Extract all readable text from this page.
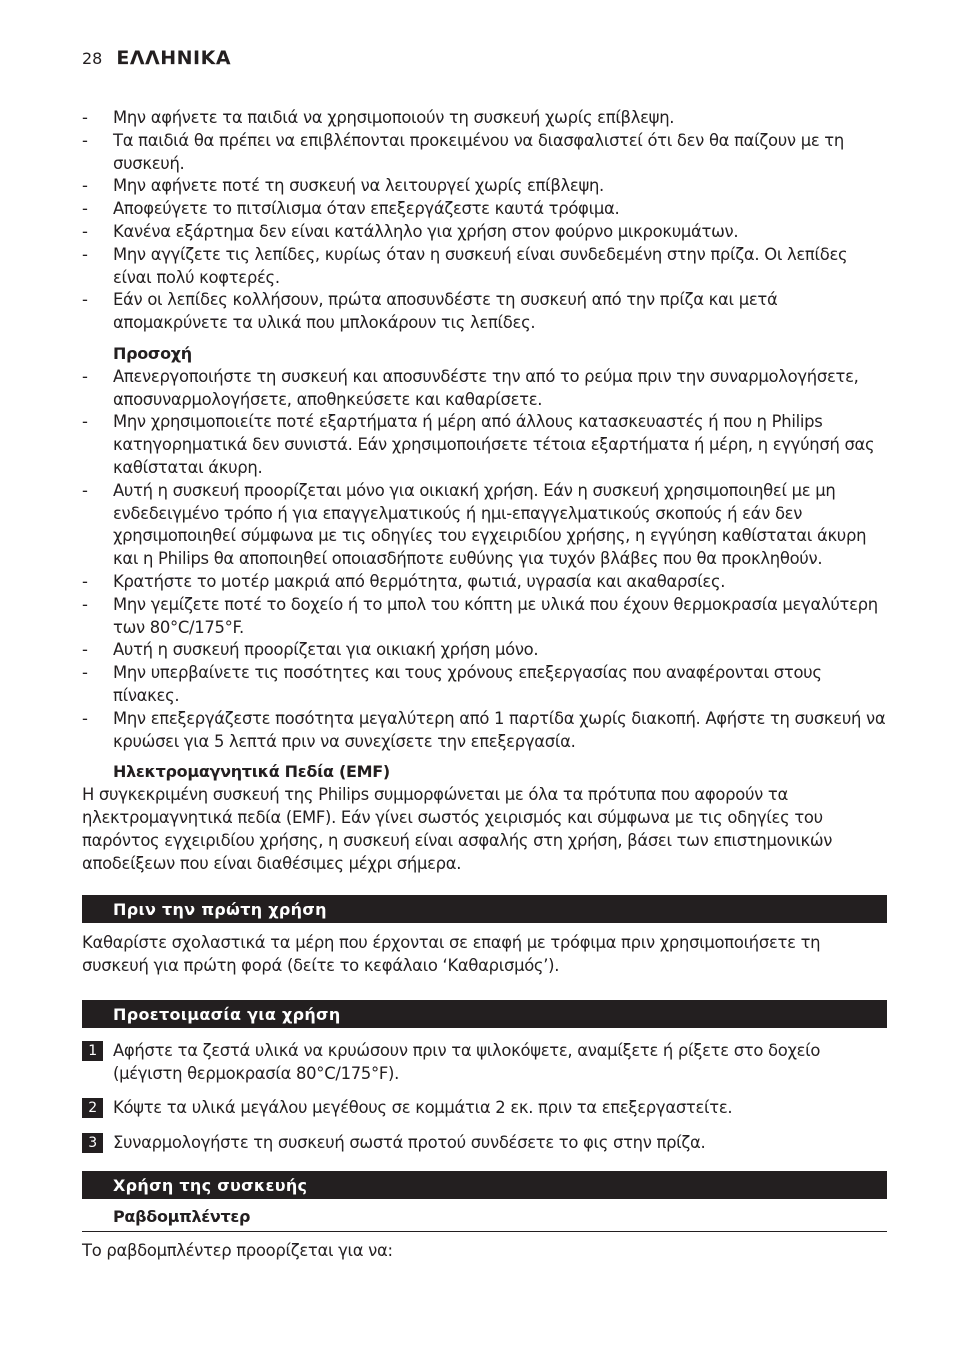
28 ΕΛΛΗΝΙΚΑ
- Μην αφήνετε τα παιδιά να χρησιμοποιούν τη συσκευή χωρίς επίβλεψη.
- Τα παιδιά θα πρέπει να επιβλέπονται προκειμένου να διασφαλιστεί ότι δεν θα παίζουν με τη συσκευή.
- Μην αφήνετε ποτέ τη συσκευή να λειτουργεί χωρίς επίβλεψη.
- Αποφεύγετε το πιτσίλισμα όταν επεξεργάζεστε καυτά τρόφιμα.
- Κανένα εξάρτημα δεν είναι κατάλληλο για χρήση στον φούρνο μικροκυμάτων.
- Μην αγγίζετε τις λεπίδες, κυρίως όταν η συσκευή είναι συνδεδεμένη στην πρίζα. Οι λεπίδες είναι πολύ κοφτερές.
- Εάν οι λεπίδες κολλήσουν, πρώτα αποσυνδέστε τη συσκευή από την πρίζα και μετά απομακρύνετε τα υλικά που μπλοκάρουν τις λεπίδες.
Προσοχή
- Απενεργοποιήστε τη συσκευή και αποσυνδέστε την από το ρεύμα πριν την συναρμολογήσετε, αποσυναρμολογήσετε, αποθηκεύσετε και καθαρίσετε.
- Μην χρησιμοποιείτε ποτέ εξαρτήματα ή μέρη από άλλους κατασκευαστές ή που η Philips κατηγορηματικά δεν συνιστά. Εάν χρησιμοποιήσετε τέτοια εξαρτήματα ή μέρη, η εγγύησή σας καθίσταται άκυρη.
- Αυτή η συσκευή προορίζεται μόνο για οικιακή χρήση. Εάν η συσκευή χρησιμοποιηθεί με μη ενδεδειγμένο τρόπο ή για επαγγελματικούς ή ημι-επαγγελματικούς σκοπούς ή εάν δεν χρησιμοποιηθεί σύμφωνα με τις οδηγίες του εγχειριδίου χρήσης, η εγγύηση καθίσταται άκυρη και η Philips θα αποποιηθεί οποιασδήποτε ευθύνης για τυχόν βλάβες που θα προκληθούν.
- Κρατήστε το μοτέρ μακριά από θερμότητα, φωτιά, υγρασία και ακαθαρσίες.
- Μην γεμίζετε ποτέ το δοχείο ή το μπολ του κόπτη με υλικά που έχουν θερμοκρασία μεγαλύτερη των 80°C/175°F.
- Αυτή η συσκευή προορίζεται για οικιακή χρήση μόνο.
- Μην υπερβαίνετε τις ποσότητες και τους χρόνους επεξεργασίας που αναφέρονται στους πίνακες.
- Μην επεξεργάζεστε ποσότητα μεγαλύτερη από 1 παρτίδα χωρίς διακοπή. Αφήστε τη συσκευή να κρυώσει για 5 λεπτά πριν να συνεχίσετε την επεξεργασία.
Ηλεκτρομαγνητικά Πεδία (EMF)

Η συγκεκριμένη συσκευή της Philips συμμορφώνεται με όλα τα πρότυπα που αφορούν τα ηλεκτρομαγνητικά πεδία (EMF). Εάν γίνει σωστός χειρισμός και σύμφωνα με τις οδηγίες του παρόντος εγχειριδίου χρήσης, η συσκευή είναι ασφαλής στη χρήση, βάσει των επιστημονικών αποδείξεων που είναι διαθέσιμες μέχρι σήμερα.

Πριν την πρώτη χρήση

Καθαρίστε σχολαστικά τα μέρη που έρχονται σε επαφή με τρόφιμα πριν χρησιμοποιήσετε τη συσκευή για πρώτη φορά (δείτε το κεφάλαιο ‘Καθαρισμός’).

Προετοιμασία για χρήση
1 Αφήστε τα ζεστά υλικά να κρυώσουν πριν τα ψιλοκόψετε, αναμίξετε ή ρίξετε στο δοχείο (μέγιστη θερμοκρασία 80°C/175°F).
2 Κόψτε τα υλικά μεγάλου μεγέθους σε κομμάτια 2 εκ. πριν τα επεξεργαστείτε.
3 Συναρμολογήστε τη συσκευή σωστά προτού συνδέσετε το φις στην πρίζα.
Χρήση της συσκευής
Ραβδομπλέντερ

Το ραβδομπλέντερ προορίζεται για να:
